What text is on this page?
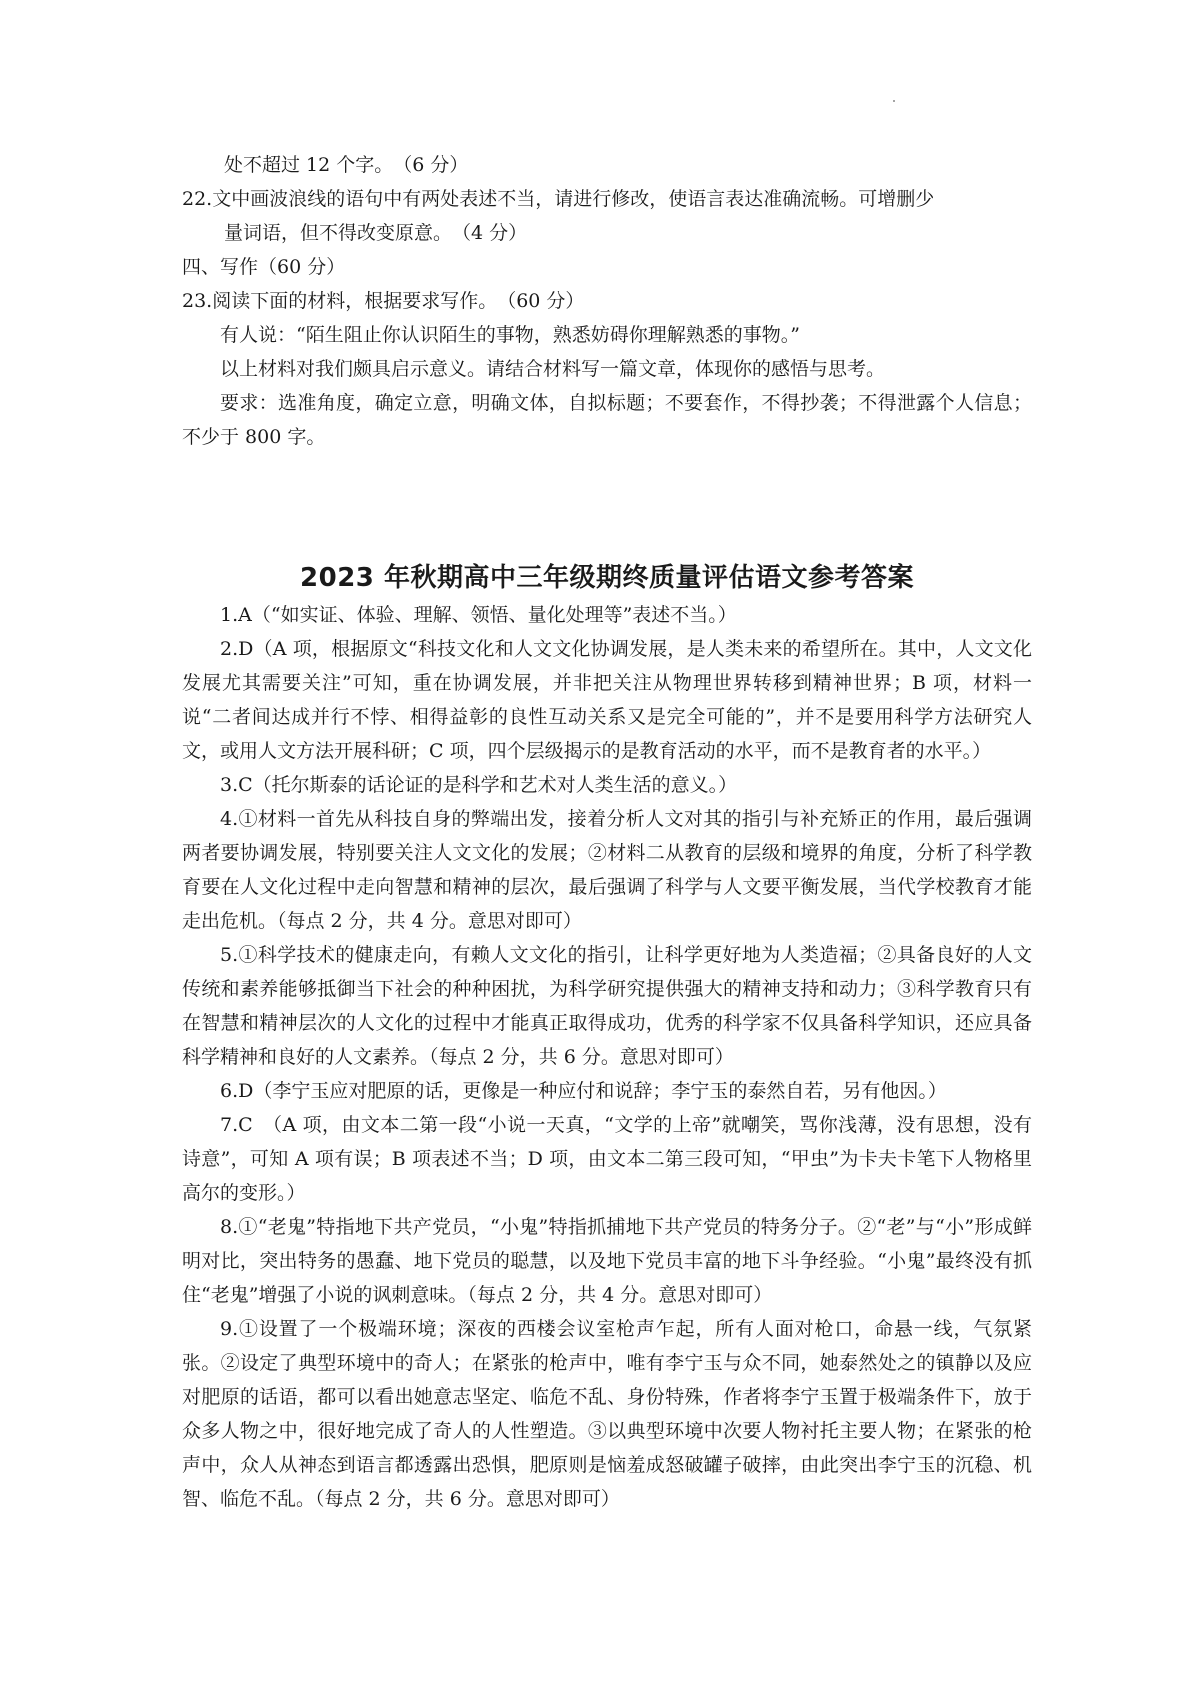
处不超过 12 个字。　（6 分）

22.文中画波浪线的语句中有两处表述不当，请进行修改，使语言表达准确流畅。可增删少

量词语，但不得改变原意。　（4 分）

四、写作（60 分）

23.阅读下面的材料，根据要求写作。　（60 分）

有人说：“陌生阻止你认识陌生的事物，熟悉妨碍你理解熟悉的事物。”

以上材料对我们颇具启示意义。请结合材料写一篇文章，体现你的感悟与思考。

要求：选准角度，确定立意，明确文体，自拟标题；不要套作，不得抄袭；不得泄露个人信息；不少于 800 字。

2023 年秋期高中三年级期终质量评估语文参考答案

1.A（“如实证、体验、理解、领悟、量化处理等”表述不当。）

2.D（A 项，根据原文“科技文化和人文文化协调发展，是人类未来的希望所在。其中，人文文化发展尤其需要关注”可知，重在协调发展，并非把关注从物理世界转移到精神世界；B 项，材料一说“二者间达成并行不悖、相得益彰的良性互动关系又是完全可能的”，并不是要用科学方法研究人文，或用人文方法开展科研；C 项，四个层级揭示的是教育活动的水平，而不是教育者的水平。）

3.C（托尔斯泰的话论证的是科学和艺术对人类生活的意义。）

4.①材料一首先从科技自身的弊端出发，接着分析人文对其的指引与补充矫正的作用，最后强调两者要协调发展，特别要关注人文文化的发展；②材料二从教育的层级和境界的角度，分析了科学教育要在人文化过程中走向智慧和精神的层次，最后强调了科学与人文要平衡发展，当代学校教育才能走出危机。（每点 2 分，共 4 分。意思对即可）

5.①科学技术的健康走向，有赖人文文化的指引，让科学更好地为人类造福；②具备良好的人文传统和素养能够抵御当下社会的种种困扰，为科学研究提供强大的精神支持和动力；③科学教育只有在智慧和精神层次的人文化的过程中才能真正取得成功，优秀的科学家不仅具备科学知识，还应具备科学精神和良好的人文素养。（每点 2 分，共 6 分。意思对即可）

6.D（李宁玉应对肥原的话，更像是一种应付和说辞；李宁玉的泰然自若，另有他因。）

7.C　（A 项，由文本二第一段“小说一天真，“文学的上帝”就嘲笑，骂你浅薄，没有思想，没有诗意”，可知 A 项有误；B 项表述不当；D 项，由文本二第三段可知，“甲虫”为卡夫卡笔下人物格里高尔的变形。）

8.①“老鬼”特指地下共产党员，“小鬼”特指抓捕地下共产党员的特务分子。②“老”与“小”形成鲜明对比，突出特务的愚蠢、地下党员的聪慧，以及地下党员丰富的地下斗争经验。“小鬼”最终没有抓住“老鬼”增强了小说的讽刺意味。（每点 2 分，共 4 分。意思对即可）

9.①设置了一个极端环境；深夜的西楼会议室枪声乍起，所有人面对枪口，命悬一线，气氛紧张。②设定了典型环境中的奇人；在紧张的枪声中，唯有李宁玉与众不同，她泰然处之的镇静以及应对肥原的话语，都可以看出她意志坚定、临危不乱、身份特殊，作者将李宁玉置于极端条件下，放于众多人物之中，很好地完成了奇人的人性塑造。③以典型环境中次要人物衬托主要人物；在紧张的枪声中，众人从神态到语言都透露出恐惧，肥原则是恼羞成怒破罐子破摔，由此突出李宁玉的沉稳、机智、临危不乱。（每点 2 分，共 6 分。意思对即可）
